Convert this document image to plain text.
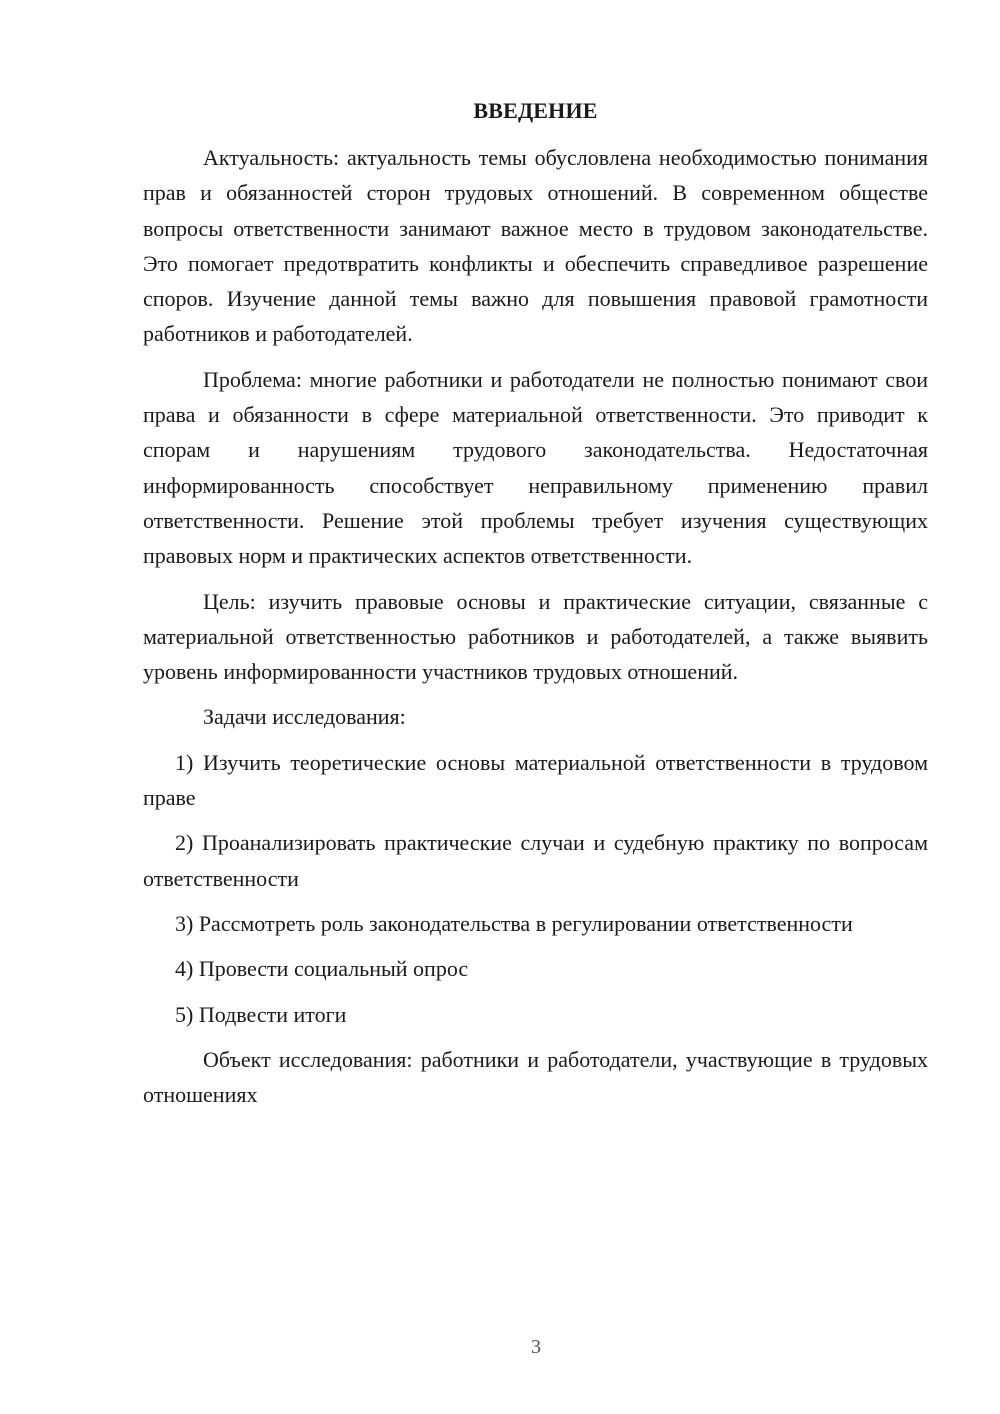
ВВЕДЕНИЕ

Актуальность: актуальность темы обусловлена необходимостью понимания прав и обязанностей сторон трудовых отношений. В современном обществе вопросы ответственности занимают важное место в трудовом законодательстве. Это помогает предотвратить конфликты и обеспечить справедливое разрешение споров. Изучение данной темы важно для повышения правовой грамотности работников и работодателей.

Проблема: многие работники и работодатели не полностью понимают свои права и обязанности в сфере материальной ответственности. Это приводит к спорам и нарушениям трудового законодательства. Недостаточная информированность способствует неправильному применению правил ответственности. Решение этой проблемы требует изучения существующих правовых норм и практических аспектов ответственности.

Цель: изучить правовые основы и практические ситуации, связанные с материальной ответственностью работников и работодателей, а также выявить уровень информированности участников трудовых отношений.

Задачи исследования:

1) Изучить теоретические основы материальной ответственности в трудовом праве

2) Проанализировать практические случаи и судебную практику по вопросам ответственности

3) Рассмотреть роль законодательства в регулировании ответственности

4) Провести социальный опрос

5) Подвести итоги

Объект исследования: работники и работодатели, участвующие в трудовых отношениях

3
